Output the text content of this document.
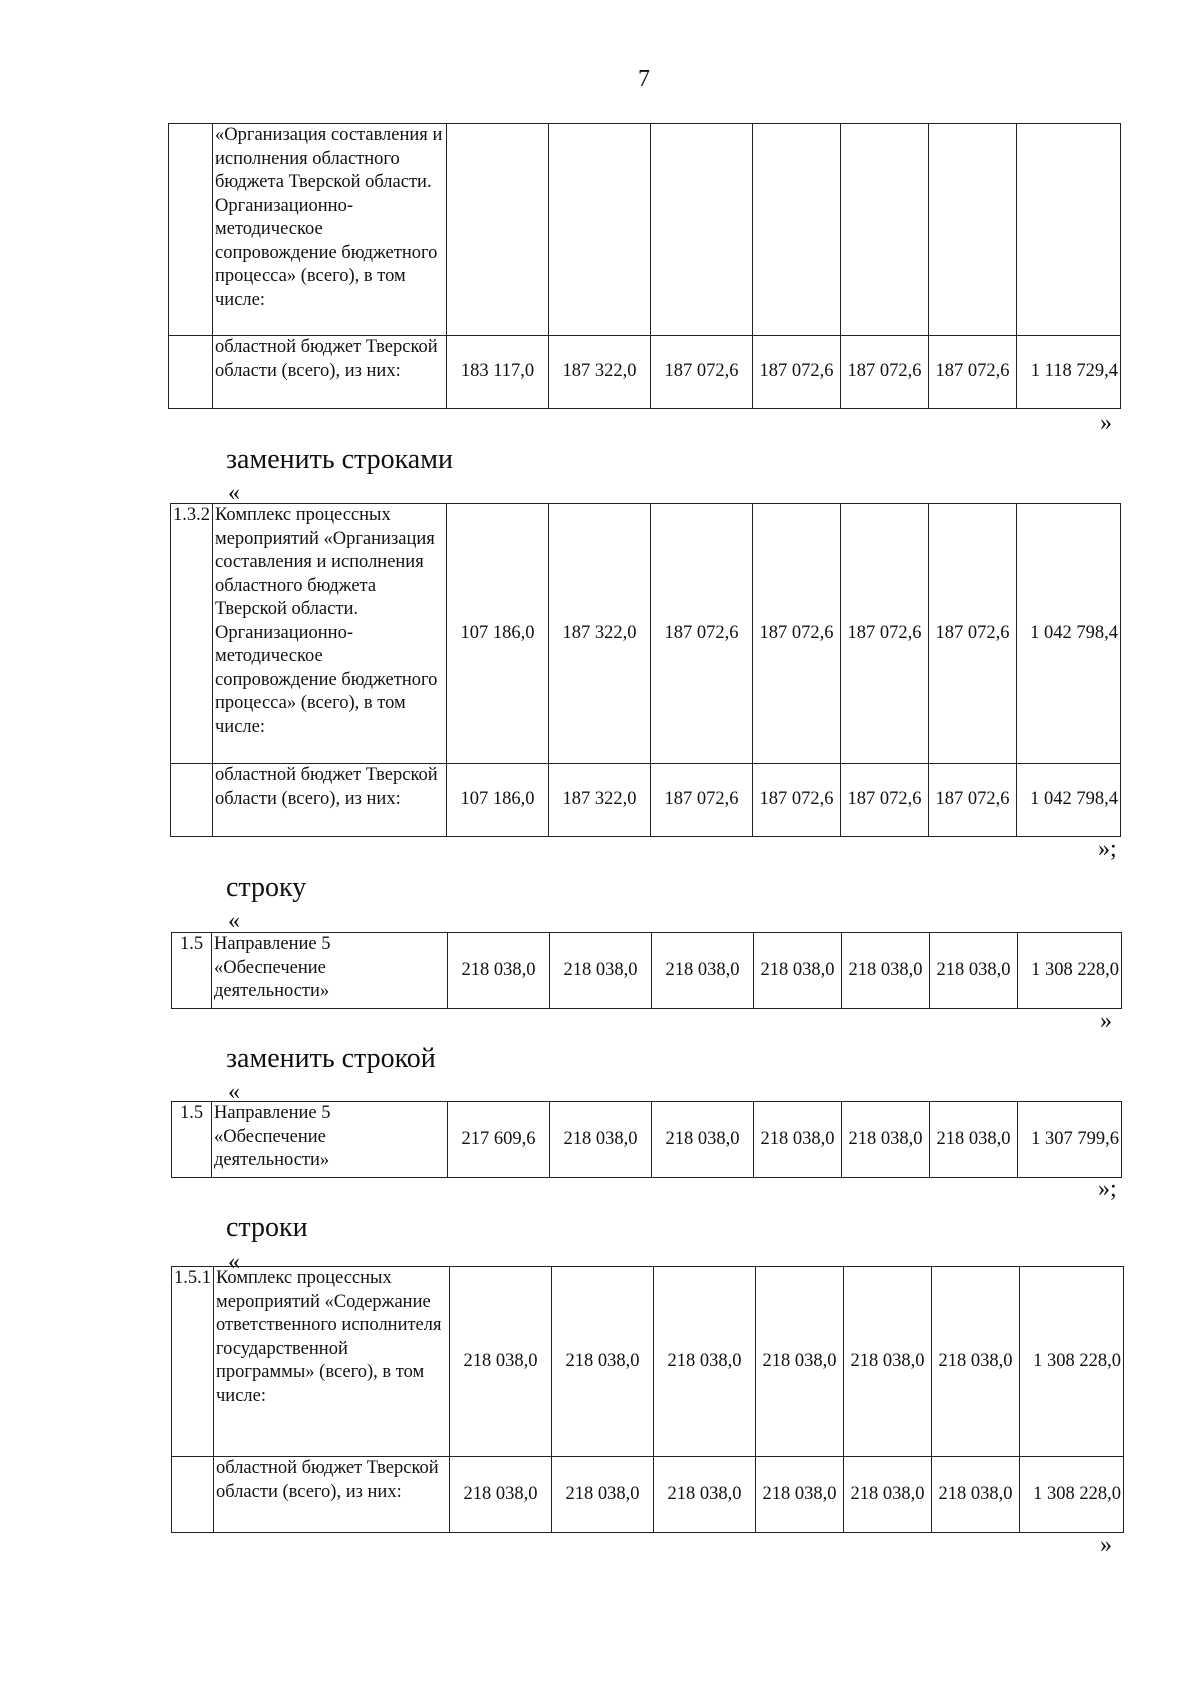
7
	«Организация составления и исполнения областного бюджета Тверской области. Организационно-методическое сопровождение бюджетного процесса» (всего), в том числе:							
	областной бюджет Тверской области (всего), из них:	183 117,0	187 322,0	187 072,6	187 072,6	187 072,6	187 072,6	1 118 729,4
»
заменить строками
«
1.3.2	Комплекс процессных мероприятий «Организация составления и исполнения областного бюджета Тверской области. Организационно-методическое сопровождение бюджетного процесса» (всего), в том числе:	107 186,0	187 322,0	187 072,6	187 072,6	187 072,6	187 072,6	1 042 798,4
	областной бюджет Тверской области (всего), из них:	107 186,0	187 322,0	187 072,6	187 072,6	187 072,6	187 072,6	1 042 798,4
»;
строку
«
1.5	Направление 5 «Обеспечение деятельности»	218 038,0	218 038,0	218 038,0	218 038,0	218 038,0	218 038,0	1 308 228,0
»
заменить строкой
«
1.5	Направление 5 «Обеспечение деятельности»	217 609,6	218 038,0	218 038,0	218 038,0	218 038,0	218 038,0	1 307 799,6
»;
строки
«
1.5.1	Комплекс процессных мероприятий «Содержание ответственного исполнителя государственной программы» (всего), в том числе:	218 038,0	218 038,0	218 038,0	218 038,0	218 038,0	218 038,0	1 308 228,0
	областной бюджет Тверской области (всего), из них:	218 038,0	218 038,0	218 038,0	218 038,0	218 038,0	218 038,0	1 308 228,0
»
